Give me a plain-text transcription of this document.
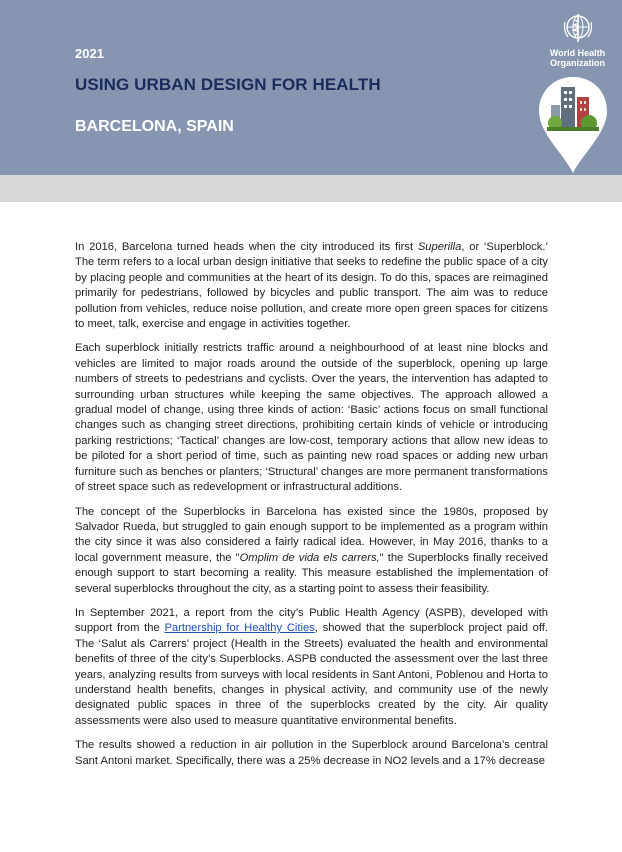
2021
USING URBAN DESIGN FOR HEALTH
BARCELONA, SPAIN
World Health
Organization

In 2016, Barcelona turned heads when the city introduced its first Superilla, or ‘Superblock.’ The term refers to a local urban design initiative that seeks to redefine the public space of a city by placing people and communities at the heart of its design. To do this, spaces are reimagined primarily for pedestrians, followed by bicycles and public transport. The aim was to reduce pollution from vehicles, reduce noise pollution, and create more open green spaces for citizens to meet, talk, exercise and engage in activities together.

Each superblock initially restricts traffic around a neighbourhood of at least nine blocks and vehicles are limited to major roads around the outside of the superblock, opening up large numbers of streets to pedestrians and cyclists. Over the years, the intervention has adapted to surrounding urban structures while keeping the same objectives. The approach allowed a gradual model of change, using three kinds of action: ‘Basic’ actions focus on small functional changes such as changing street directions, prohibiting certain kinds of vehicle or introducing parking restrictions; ‘Tactical’ changes are low-cost, temporary actions that allow new ideas to be piloted for a short period of time, such as painting new road spaces or adding new urban furniture such as benches or planters; ‘Structural’ changes are more permanent transformations of street space such as redevelopment or infrastructural additions.

The concept of the Superblocks in Barcelona has existed since the 1980s, proposed by Salvador Rueda, but struggled to gain enough support to be implemented as a program within the city since it was also considered a fairly radical idea. However, in May 2016, thanks to a local government measure, the "Omplim de vida els carrers," the Superblocks finally received enough support to start becoming a reality. This measure established the implementation of several superblocks throughout the city, as a starting point to assess their feasibility.

In September 2021, a report from the city’s Public Health Agency (ASPB), developed with support from the Partnership for Healthy Cities, showed that the superblock project paid off. The ‘Salut als Carrers’ project (Health in the Streets) evaluated the health and environmental benefits of three of the city’s Superblocks. ASPB conducted the assessment over the last three years, analyzing results from surveys with local residents in Sant Antoni, Poblenou and Horta to understand health benefits, changes in physical activity, and community use of the newly designated public spaces in three of the superblocks created by the city. Air quality assessments were also used to measure quantitative environmental benefits.

The results showed a reduction in air pollution in the Superblock around Barcelona’s central Sant Antoni market. Specifically, there was a 25% decrease in NO2 levels and a 17% decrease
